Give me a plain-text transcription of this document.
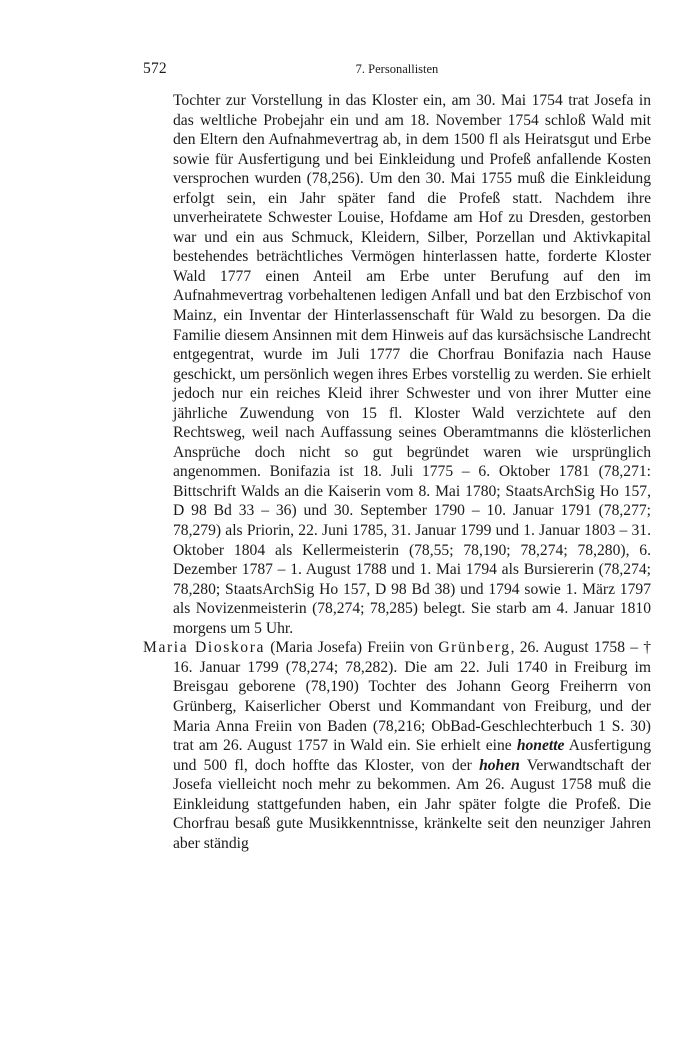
572	7. Personallisten

Tochter zur Vorstellung in das Kloster ein, am 30. Mai 1754 trat Josefa in das weltliche Probejahr ein und am 18. November 1754 schloß Wald mit den Eltern den Aufnahmevertrag ab, in dem 1500 fl als Heiratsgut und Erbe sowie für Ausfertigung und bei Einkleidung und Profeß anfallende Kosten versprochen wurden (78,256). Um den 30. Mai 1755 muß die Einkleidung erfolgt sein, ein Jahr später fand die Profeß statt. Nachdem ihre unverheiratete Schwester Louise, Hofdame am Hof zu Dresden, gestorben war und ein aus Schmuck, Kleidern, Silber, Porzellan und Aktivkapital bestehendes beträchtliches Vermögen hinterlassen hatte, forderte Kloster Wald 1777 einen Anteil am Erbe unter Berufung auf den im Aufnahmevertrag vorbehaltenen ledigen Anfall und bat den Erzbischof von Mainz, ein Inventar der Hinterlassenschaft für Wald zu besorgen. Da die Familie diesem Ansinnen mit dem Hinweis auf das kursächsische Landrecht entgegentrat, wurde im Juli 1777 die Chorfrau Bonifazia nach Hause geschickt, um persönlich wegen ihres Erbes vorstellig zu werden. Sie erhielt jedoch nur ein reiches Kleid ihrer Schwester und von ihrer Mutter eine jährliche Zuwendung von 15 fl. Kloster Wald verzichtete auf den Rechtsweg, weil nach Auffassung seines Oberamtmanns die klösterlichen Ansprüche doch nicht so gut begründet waren wie ursprünglich angenommen. Bonifazia ist 18. Juli 1775 – 6. Oktober 1781 (78,271: Bittschrift Walds an die Kaiserin vom 8. Mai 1780; StaatsArchSig Ho 157, D 98 Bd 33 – 36) und 30. September 1790 – 10. Januar 1791 (78,277; 78,279) als Priorin, 22. Juni 1785, 31. Januar 1799 und 1. Januar 1803 – 31. Oktober 1804 als Kellermeisterin (78,55; 78,190; 78,274; 78,280), 6. Dezember 1787 – 1. August 1788 und 1. Mai 1794 als Bursiererin (78,274; 78,280; StaatsArchSig Ho 157, D 98 Bd 38) und 1794 sowie 1. März 1797 als Novizenmeisterin (78,274; 78,285) belegt. Sie starb am 4. Januar 1810 morgens um 5 Uhr.

Maria Dioskora (Maria Josefa) Freiin von Grünberg, 26. August 1758 – † 16. Januar 1799 (78,274; 78,282). Die am 22. Juli 1740 in Freiburg im Breisgau geborene (78,190) Tochter des Johann Georg Freiherrn von Grünberg, Kaiserlicher Oberst und Kommandant von Freiburg, und der Maria Anna Freiin von Baden (78,216; ObBad-Geschlechterbuch 1 S. 30) trat am 26. August 1757 in Wald ein. Sie erhielt eine honette Ausfertigung und 500 fl, doch hoffte das Kloster, von der hohen Verwandtschaft der Josefa vielleicht noch mehr zu bekommen. Am 26. August 1758 muß die Einkleidung stattgefunden haben, ein Jahr später folgte die Profeß. Die Chorfrau besaß gute Musikkenntnisse, kränkelte seit den neunziger Jahren aber ständig
